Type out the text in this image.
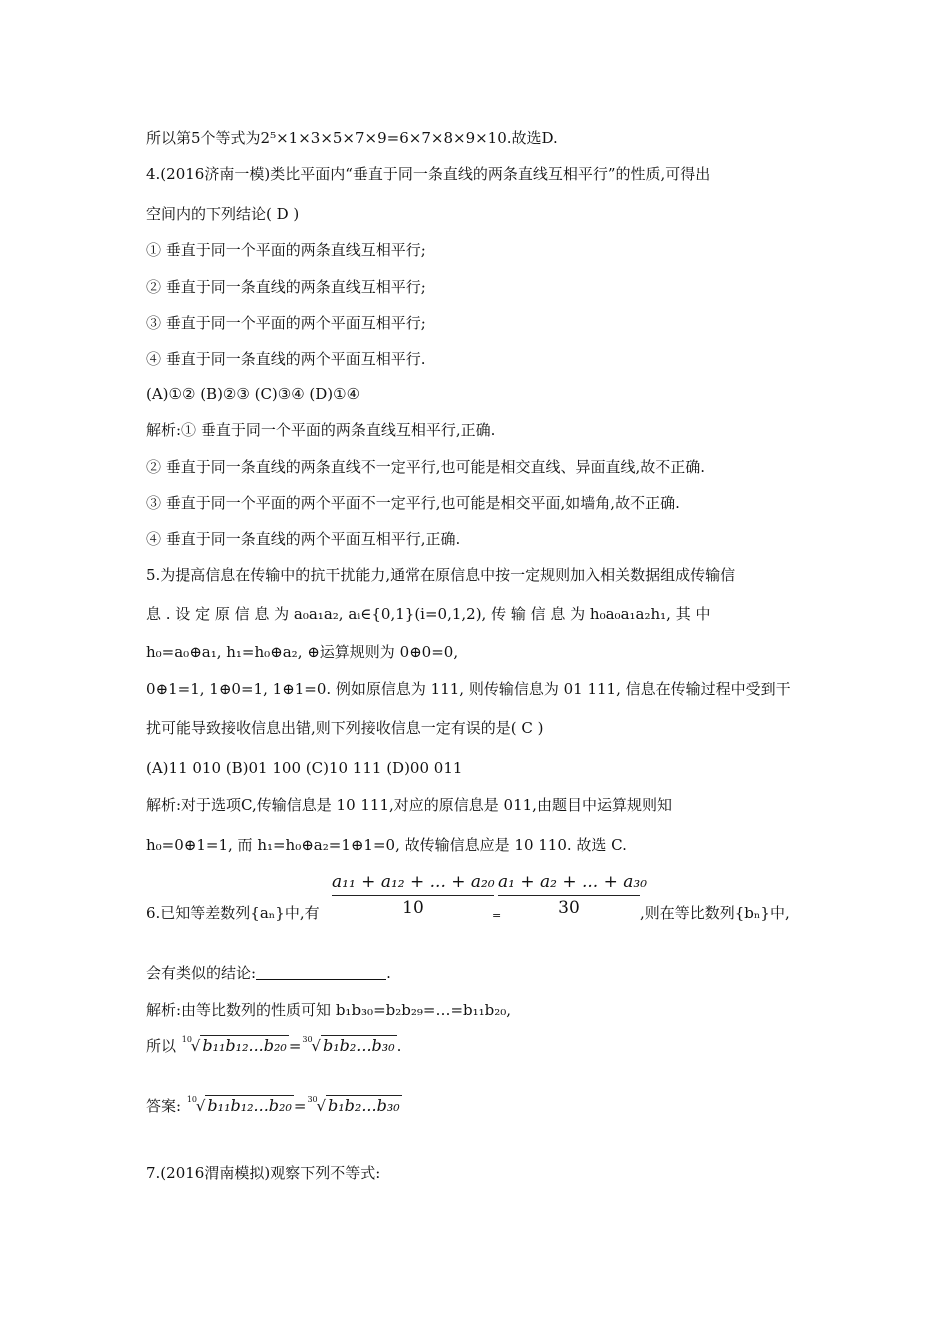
所以第5个等式为2⁵×1×3×5×7×9=6×7×8×9×10.故选D.
4.(2016济南一模)类比平面内“垂直于同一条直线的两条直线互相平行”的性质,可得出
空间内的下列结论( D )
① 垂直于同一个平面的两条直线互相平行;
② 垂直于同一条直线的两条直线互相平行;
③ 垂直于同一个平面的两个平面互相平行;
④ 垂直于同一条直线的两个平面互相平行.
(A)①② (B)②③ (C)③④ (D)①④
解析:① 垂直于同一个平面的两条直线互相平行,正确.
② 垂直于同一条直线的两条直线不一定平行,也可能是相交直线、异面直线,故不正确.
③ 垂直于同一个平面的两个平面不一定平行,也可能是相交平面,如墙角,故不正确.
④ 垂直于同一条直线的两个平面互相平行,正确.
5.为提高信息在传输中的抗干扰能力,通常在原信息中按一定规则加入相关数据组成传输信
息 . 设 定 原 信 息 为 a₀a₁a₂, aᵢ∈{0,1}(i=0,1,2), 传 输 信 息 为 h₀a₀a₁a₂h₁, 其 中
h₀=a₀⊕a₁, h₁=h₀⊕a₂, ⊕运算规则为 0⊕0=0,
0⊕1=1, 1⊕0=1, 1⊕1=0. 例如原信息为 111, 则传输信息为 01 111, 信息在传输过程中受到干
扰可能导致接收信息出错,则下列接收信息一定有误的是( C )
(A)11 010 (B)01 100 (C)10 111 (D)00 011
解析:对于选项C,传输信息是 10 111,对应的原信息是 011,由题目中运算规则知
h₀=0⊕1=1, 而 h₁=h₀⊕a₂=1⊕1=0, 故传输信息应是 10 110. 故选 C.
6.已知等差数列{aₙ}中,有
a₁₁ + a₁₂ + ... + a₂₀
10	=
a₁ + a₂ + ... + a₃₀
30	,则在等比数列{bₙ}中,
会有类似的结论:	.
解析:由等比数列的性质可知 b₁b₃₀=b₂b₂₉=…=b₁₁b₂₀,
所以 10
√ b₁₁b₁₂...b₂₀ = 30
√ b₁b₂...b₃₀ .
答案: 10
√ b₁₁b₁₂...b₂₀ = 30
√ b₁b₂...b₃₀
7.(2016渭南模拟)观察下列不等式:
